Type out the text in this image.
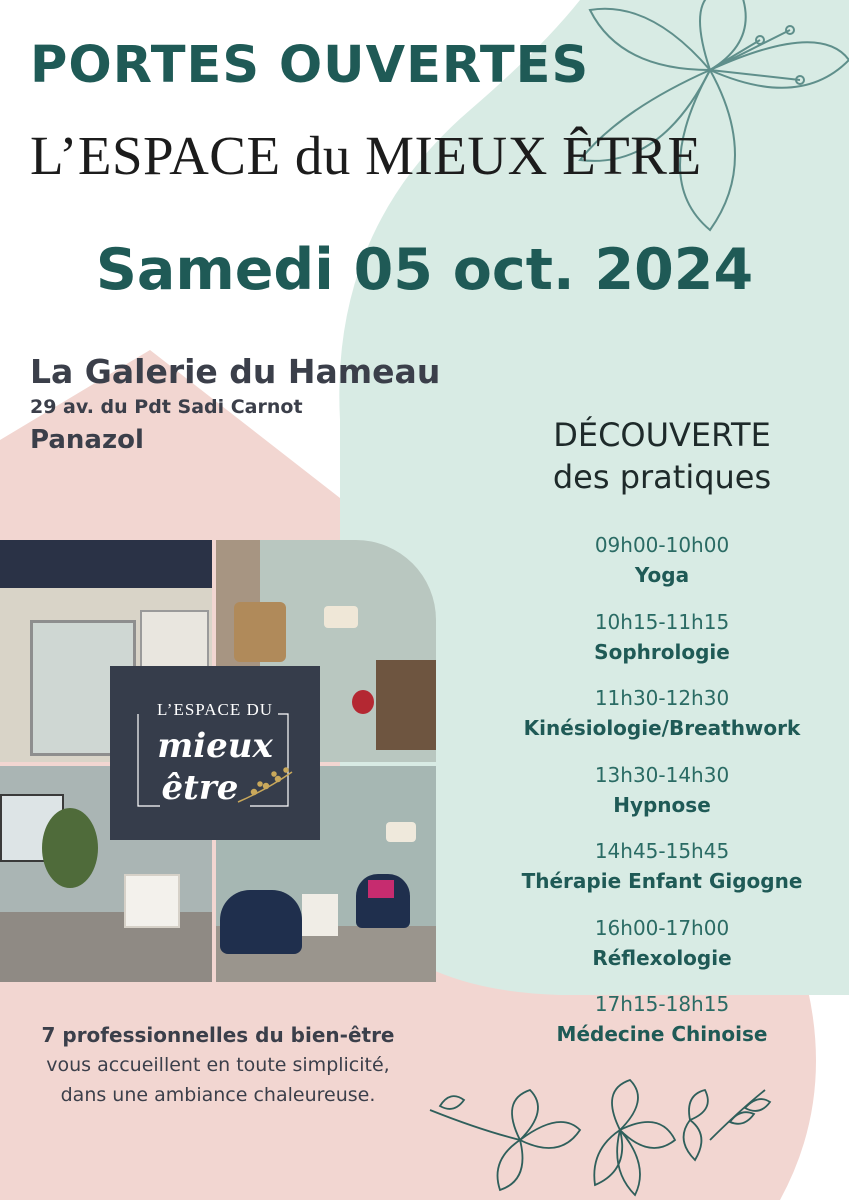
PORTES OUVERTES
L’ESPACE du MIEUX ÊTRE
Samedi 05 oct. 2024
La Galerie du Hameau
29 av. du Pdt Sadi Carnot
Panazol	DÉCOUVERTE
des pratiques
09h00-10h00
Yoga
10h15-11h15
Sophrologie
11h30-12h30
Kinésiologie/Breathwork
13h30-14h30
Hypnose
14h45-15h45
Thérapie Enfant Gigogne
16h00-17h00
Réflexologie
17h15-18h15
Médecine Chinoise
L’ESPACE DU
mieux
être
7 professionnelles du bien-être
vous accueillent en toute simplicité,
dans une ambiance chaleureuse.
